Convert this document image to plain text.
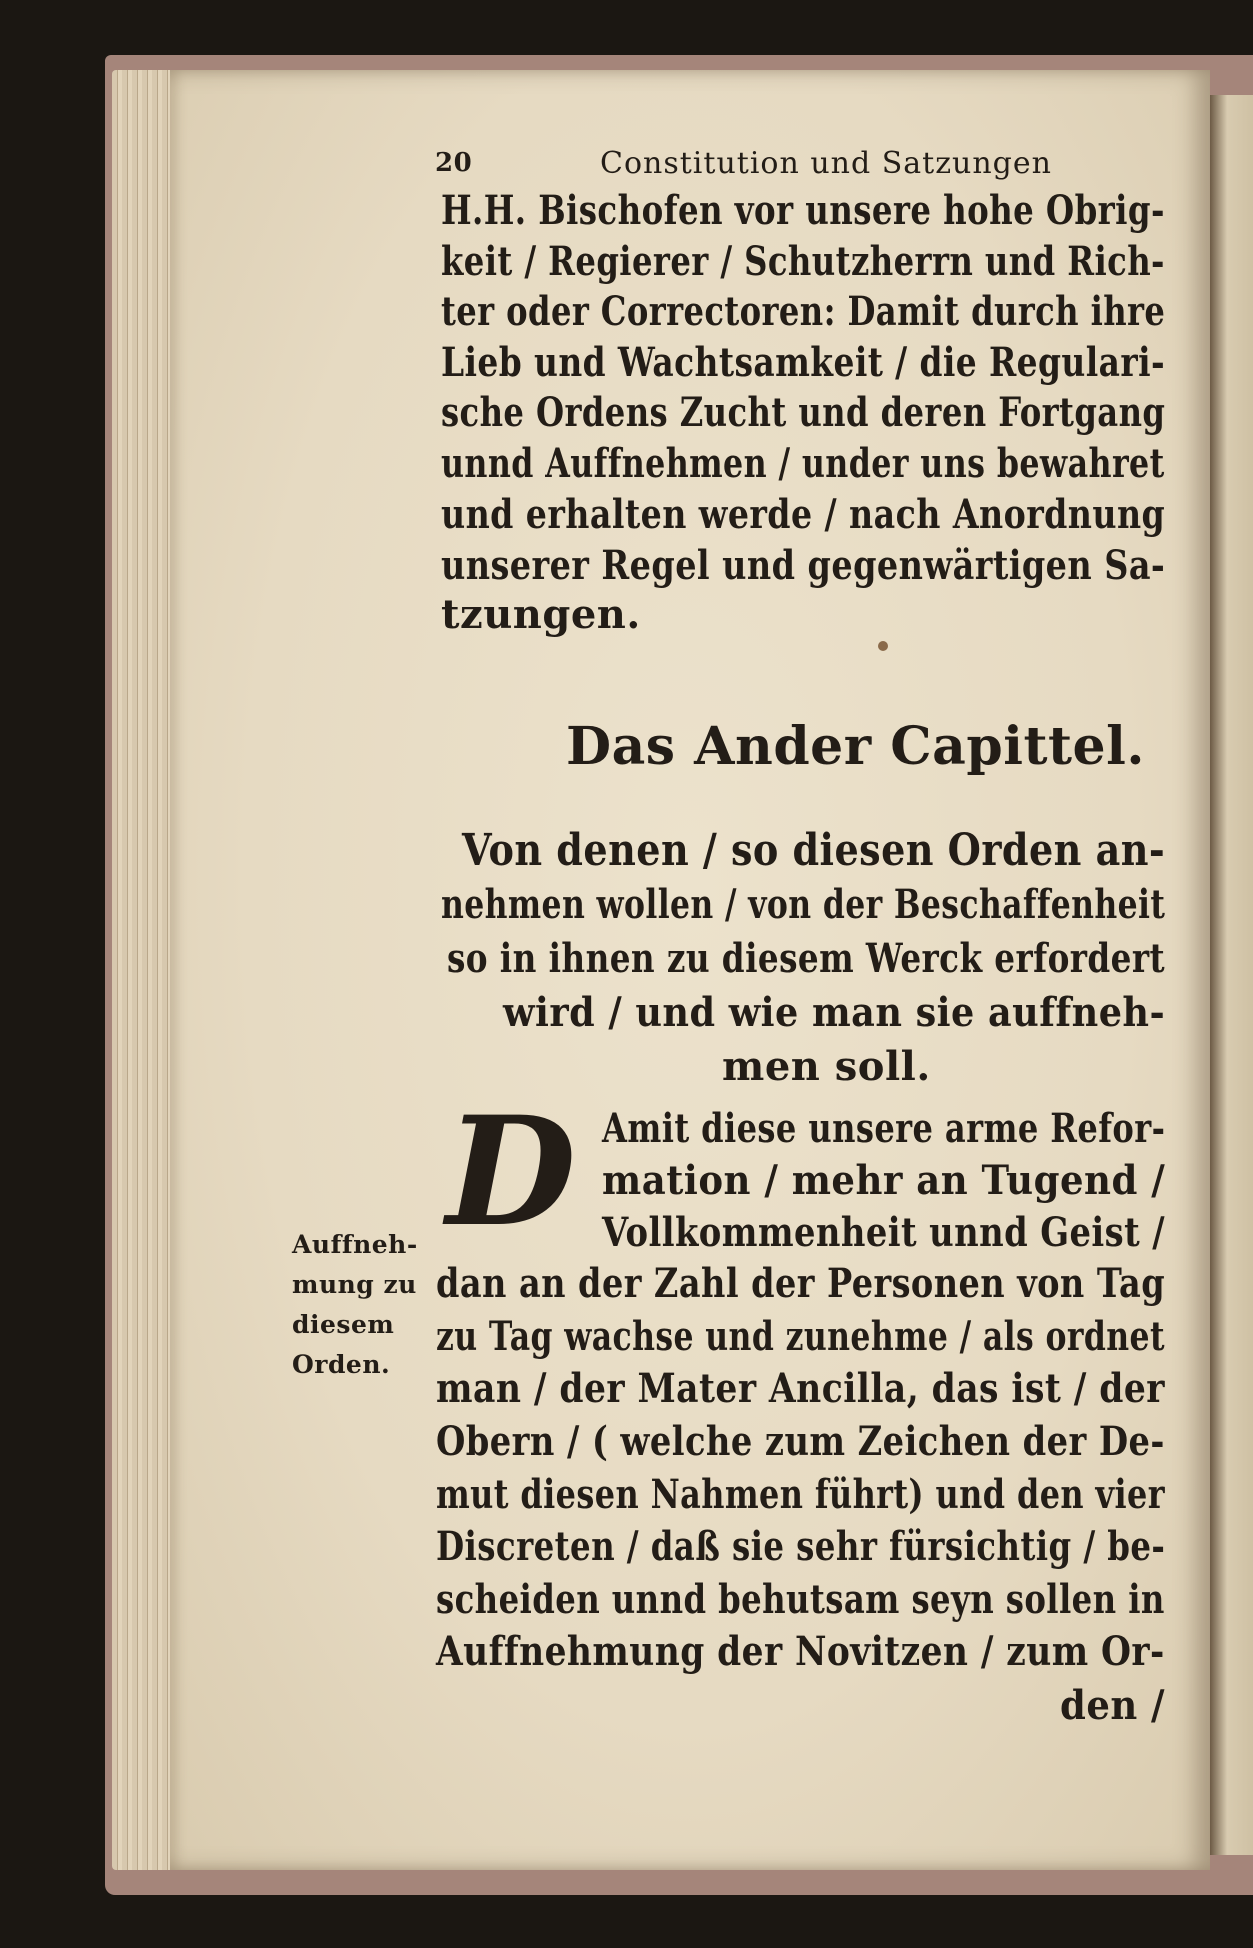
20	Constitution und Satzungen
H.H. Bischofen vor unsere hohe Obrig-
keit / Regierer / Schutzherrn und Rich-
ter oder Correctoren: Damit durch ihre
Lieb und Wachtsamkeit / die Regulari-
sche Ordens Zucht und deren Fortgang
unnd Auffnehmen / under uns bewahret
und erhalten werde / nach Anordnung
unserer Regel und gegenwärtigen Sa-
tzungen.
Das Ander Capittel.
Von denen / so diesen Orden an-
nehmen wollen / von der Beschaffenheit
so in ihnen zu diesem Werck erfordert
wird / und wie man sie auffneh-
men soll.
D Amit diese unsere arme Refor-
mation / mehr an Tugend /
Vollkommenheit unnd Geist /
dan an der Zahl der Personen von Tag
zu Tag wachse und zunehme / als ordnet
man / der Mater Ancilla, das ist / der
Obern / ( welche zum Zeichen der De-
mut diesen Nahmen führt) und den vier
Discreten / daß sie sehr fürsichtig / be-
scheiden unnd behutsam seyn sollen in
Auffnehmung der Novitzen / zum Or-
den /
Auffneh-
mung zu
diesem
Orden.
